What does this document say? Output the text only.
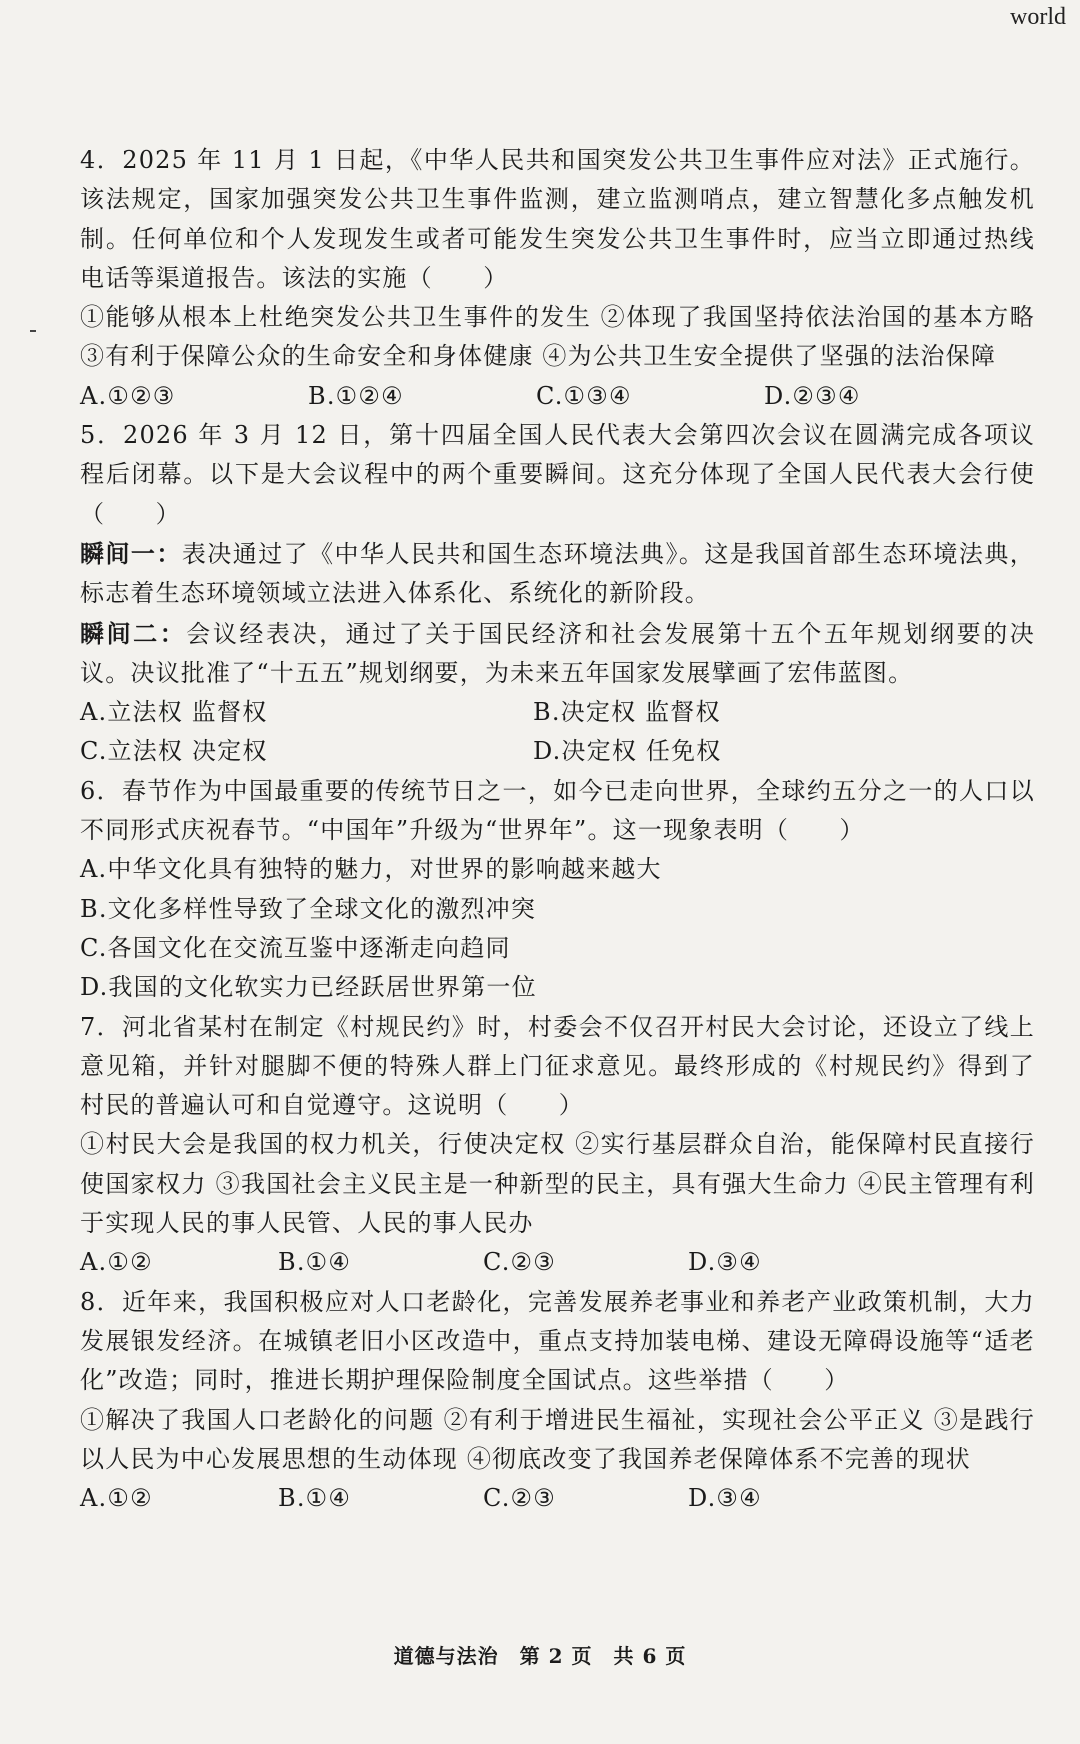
world

4．2025 年 11 月 1 日起，《中华人民共和国突发公共卫生事件应对法》正式施行。该法规定，国家加强突发公共卫生事件监测，建立监测哨点，建立智慧化多点触发机制。任何单位和个人发现发生或者可能发生突发公共卫生事件时，应当立即通过热线电话等渠道报告。该法的实施（　　）

①能够从根本上杜绝突发公共卫生事件的发生 ②体现了我国坚持依法治国的基本方略 ③有利于保障公众的生命安全和身体健康 ④为公共卫生安全提供了坚强的法治保障

A.①②③	B.①②④	C.①③④	D.②③④

5．2026 年 3 月 12 日，第十四届全国人民代表大会第四次会议在圆满完成各项议程后闭幕。以下是大会议程中的两个重要瞬间。这充分体现了全国人民代表大会行使（　　）

瞬间一：表决通过了《中华人民共和国生态环境法典》。这是我国首部生态环境法典，标志着生态环境领域立法进入体系化、系统化的新阶段。

瞬间二：会议经表决，通过了关于国民经济和社会发展第十五个五年规划纲要的决议。决议批准了“十五五”规划纲要，为未来五年国家发展擘画了宏伟蓝图。

A.立法权 监督权	B.决定权 监督权
C.立法权 决定权	D.决定权 任免权

6．春节作为中国最重要的传统节日之一，如今已走向世界，全球约五分之一的人口以不同形式庆祝春节。“中国年”升级为“世界年”。这一现象表明（　　）

A.中华文化具有独特的魅力，对世界的影响越来越大

B.文化多样性导致了全球文化的激烈冲突

C.各国文化在交流互鉴中逐渐走向趋同

D.我国的文化软实力已经跃居世界第一位

7．河北省某村在制定《村规民约》时，村委会不仅召开村民大会讨论，还设立了线上意见箱，并针对腿脚不便的特殊人群上门征求意见。最终形成的《村规民约》得到了村民的普遍认可和自觉遵守。这说明（　　）

①村民大会是我国的权力机关，行使决定权 ②实行基层群众自治，能保障村民直接行使国家权力 ③我国社会主义民主是一种新型的民主，具有强大生命力 ④民主管理有利于实现人民的事人民管、人民的事人民办

A.①②	B.①④	C.②③	D.③④

8．近年来，我国积极应对人口老龄化，完善发展养老事业和养老产业政策机制，大力发展银发经济。在城镇老旧小区改造中，重点支持加装电梯、建设无障碍设施等“适老化”改造；同时，推进长期护理保险制度全国试点。这些举措（　　）

①解决了我国人口老龄化的问题 ②有利于增进民生福祉，实现社会公平正义 ③是践行以人民为中心发展思想的生动体现 ④彻底改变了我国养老保障体系不完善的现状

A.①②	B.①④	C.②③	D.③④
道德与法治　第 2 页　共 6 页
